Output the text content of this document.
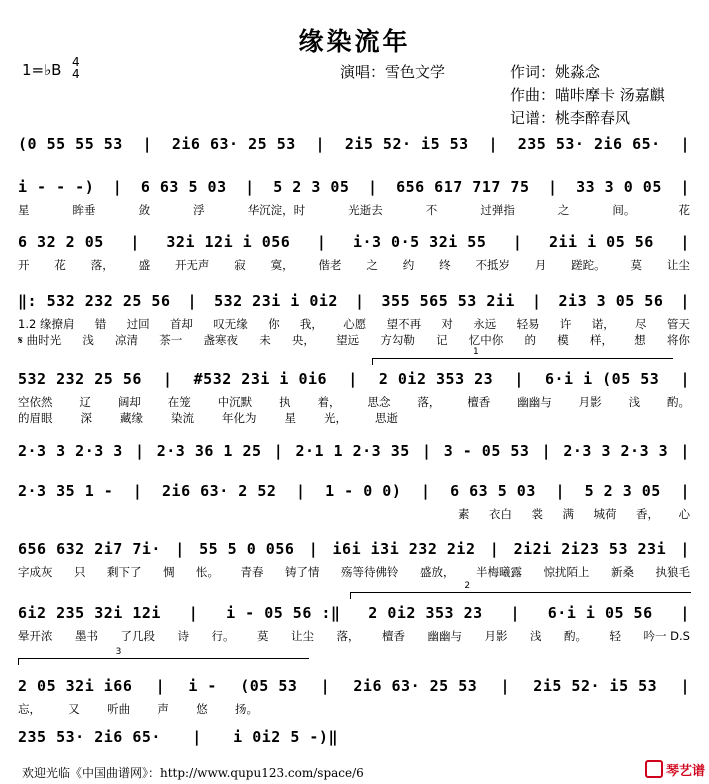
缘染流年
1=♭B 4
4	演唱：雪色文学	作词：姚淼念
作曲：喵咔摩卡 汤嘉麒
记谱：桃李醉春风
(0 55 55 53 | 2i6 63· 25 53 | 2i5 52· i5 53 | 235 53· 2i6 65· |
i - - -) | 6 63 5 03 | 5 2 3 05 | 656 617 717 75 | 33 3 0 05 |
星	眸垂	敛	浮	华沉淀，时	光逝去	不	过弹指	之	间。	花
6 32 2 05 | 32i 12i i 056 | i·3 0·5 32i 55 | 2ii i 05 56 |
开 花 落， 盛 开无声 寂 寞， 偕老 之 约 终 不抵岁 月 蹉跎。 莫 让尘
‖: 532 232 25 56 | 532 23i i 0i2 | 355 565 53 2ii | 2i3 3 05 56 |
1.2 缘撩肩 错 过回 首却 叹无缘 你 我， 心愿 望不再 对 永远 轻易 许 诺， 尽 管天
𝄋 曲时光 浅 凉清 茶一 盏寒夜 未 央， 望远 方勾勒 记 忆中你 的 模 样， 想 将你
532 232 25 56 | #532 23i i 0i6 | 2 0i2 353 23 | 6·i i (05 53 |
空依然 辽 阔却 在笼 中沉默 执 着， 思念 落， 檀香 幽幽与 月影 浅 酌。
的眉眼 深 藏缘 染流 年化为 星 光， 思逝
2·3 3 2·3 3 | 2·3 36 1 25 | 2·1 1 2·3 35 | 3 - 05 53 | 2·3 3 2·3 3 |
2·3 35 1 - | 2i6 63· 2 52 | 1 - 0 0) | 6 63 5 03 | 5 2 3 05 |
素 衣白 裳 满 城荷 香， 心
656 632 2i7 7i· | 55 5 0 056 | i6i i3i 232 2i2 | 2i2i 2i23 53 23i |
字成灰 只 剩下了 惆 怅。 青春 铸了情 殇等待佛铃 盛放， 半梅曦露 惊扰陌上 新桑 执狼毛
6i2 235 32i 12i | i - 05 56 :‖ 2 0i2 353 23 | 6·i i 05 56 |
晕开浓 墨书 了几段 诗 行。 莫 让尘 落， 檀香 幽幽与 月影 浅 酌。 轻 吟一 D.S
2 05 32i i66 | i - (05 53 | 2i6 63· 25 53 | 2i5 52· i5 53 |
忘， 又 听曲 声 悠 扬。
235 53· 2i6 65· | i 0i2 5 -)‖
1
2
3
欢迎光临《中国曲谱网》：http://www.qupu123.com/space/6	琴艺谱
